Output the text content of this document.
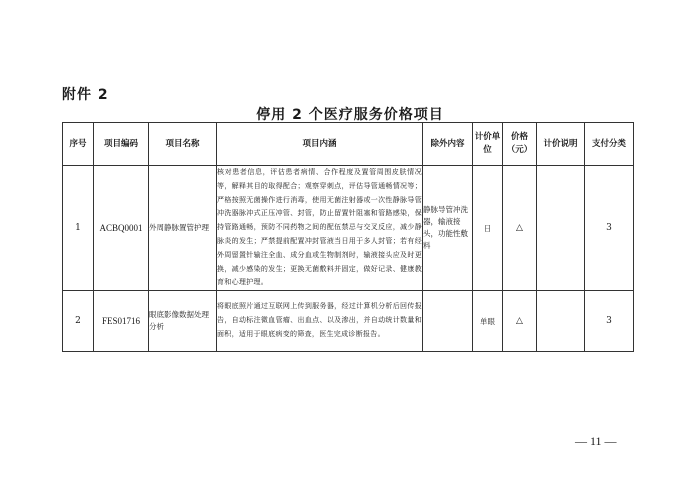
附件 2
停用 2 个医疗服务价格项目
序号	项目编码	项目名称	项目内涵	除外内容	计价单位	价格（元）	计价说明	支付分类
1	ACBQ0001	外周静脉置管护理	核对患者信息，评估患者病情、合作程度及置管周围皮肤情况等，解释其目的取得配合；观察穿刺点，评估导管通畅情况等；严格按照无菌操作进行消毒，使用无菌注射器或一次性静脉导管冲洗器脉冲式正压冲管、封管，防止留置针阻塞和管路感染，保持管路通畅，预防不同药物之间的配伍禁忌与交叉反应，减少静脉炎的发生；严禁提前配置冲封管液当日用于多人封管；若有经外周留置针输注全血、成分血或生物制剂时，输液接头应及时更换，减少感染的发生；更换无菌敷料并固定，做好记录、健康教育和心理护理。	静脉导管冲洗器，输液接头，功能性敷料	日	△		3
2	FES01716	眼底影像数据处理分析	将眼底照片通过互联网上传到服务器，经过计算机分析后回传报告，自动标注微血管瘤、出血点、以及渗出，并自动统计数量和面积，适用于眼底病变的筛查，医生完成诊断报告。		单眼	△		3
— 11 —
